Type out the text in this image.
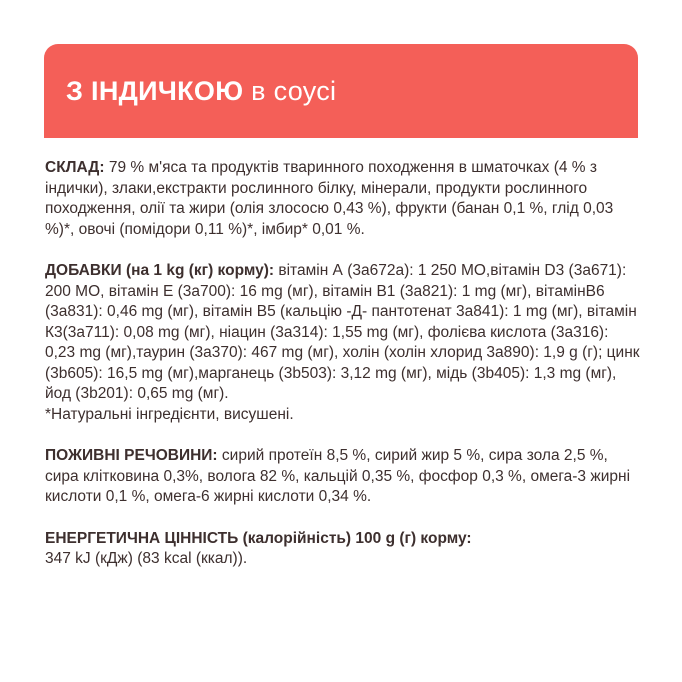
З ІНДИЧКОЮ в соусі

СКЛАД: 79 % м'яса та продуктів тваринного походження в шматочках (4 % з індички), злаки,екстракти рослинного білку, мінерали, продукти рослинного походження, олії та жири (олія злососю 0,43 %), фрукти (банан 0,1 %, глід 0,03 %)*, овочі (помідори 0,11 %)*, імбир* 0,01 %.

ДОБАВКИ (на 1 kg (кг) корму): вітамін А (3а672а): 1 250 МО,вітамін D3 (3а671): 200 МО, вітамін Е (3а700): 16 mg (мг), вітамін В1 (3а821): 1 mg (мг), вітамінВ6 (3а831): 0,46 mg (мг), вітамін В5 (кальцію -Д- пантотенат 3а841): 1 mg (мг), вітамін К3(3а711): 0,08 mg (мг), ніацин (3а314): 1,55 mg (мг), фолієва кислота (3а316): 0,23 mg (мг),таурин (3а370): 467 mg (мг), холін (холін хлорид 3а890): 1,9 g (г); цинк (3b605): 16,5 mg (мг),марганець (3b503): 3,12 mg (мг), мідь (3b405): 1,3 mg (мг), йод (3b201): 0,65 mg (мг).

*Натуральні інгредієнти, висушені.

ПОЖИВНІ РЕЧОВИНИ: сирий протеїн 8,5 %, сирий жир 5 %, сира зола 2,5 %, сира клітковина 0,3%, волога 82 %, кальцій 0,35 %, фосфор 0,3 %, омега-3 жирні кислоти 0,1 %, омега-6 жирні кислоти 0,34 %.

ЕНЕРГЕТИЧНА ЦІННІСТЬ (калорійність) 100 g (г) корму:

347 kJ (кДж) (83 kcal (ккал)).
